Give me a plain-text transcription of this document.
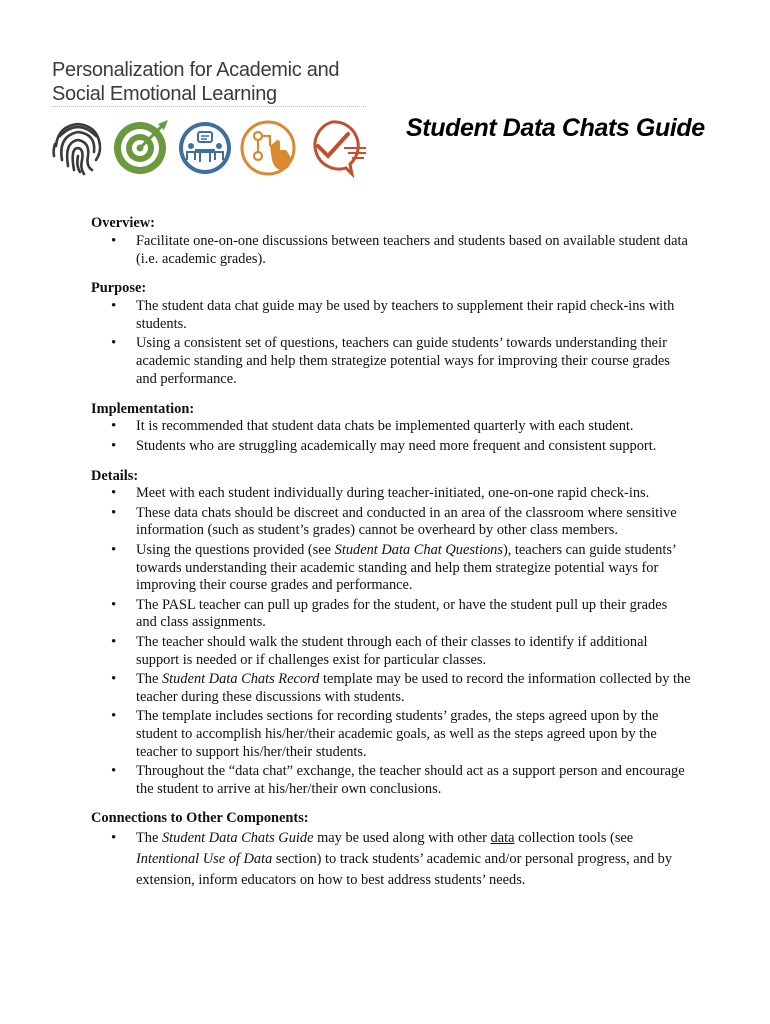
Personalization for Academic and
Social Emotional Learning
Student Data Chats Guide

Overview:

• Facilitate one-on-one discussions between teachers and students based on available student data (i.e. academic grades).

Purpose:

• The student data chat guide may be used by teachers to supplement their rapid check-ins with students.
• Using a consistent set of questions, teachers can guide students’ towards understanding their academic standing and help them strategize potential ways for improving their course grades and performance.

Implementation:

• It is recommended that student data chats be implemented quarterly with each student.
• Students who are struggling academically may need more frequent and consistent support.

Details:

• Meet with each student individually during teacher-initiated, one-on-one rapid check-ins.
• These data chats should be discreet and conducted in an area of the classroom where sensitive information (such as student’s grades) cannot be overheard by other class members.
• Using the questions provided (see Student Data Chat Questions), teachers can guide students’ towards understanding their academic standing and help them strategize potential ways for improving their course grades and performance.
• The PASL teacher can pull up grades for the student, or have the student pull up their grades and class assignments.
• The teacher should walk the student through each of their classes to identify if additional support is needed or if challenges exist for particular classes.
• The Student Data Chats Record template may be used to record the information collected by the teacher during these discussions with students.
• The template includes sections for recording students’ grades, the steps agreed upon by the student to accomplish his/her/their academic goals, as well as the steps agreed upon by the teacher to support his/her/their students.
• Throughout the “data chat” exchange, the teacher should act as a support person and encourage the student to arrive at his/her/their own conclusions.

Connections to Other Components:

• The Student Data Chats Guide may be used along with other data collection tools (see Intentional Use of Data section) to track students’ academic and/or personal progress, and by extension, inform educators on how to best address students’ needs.
